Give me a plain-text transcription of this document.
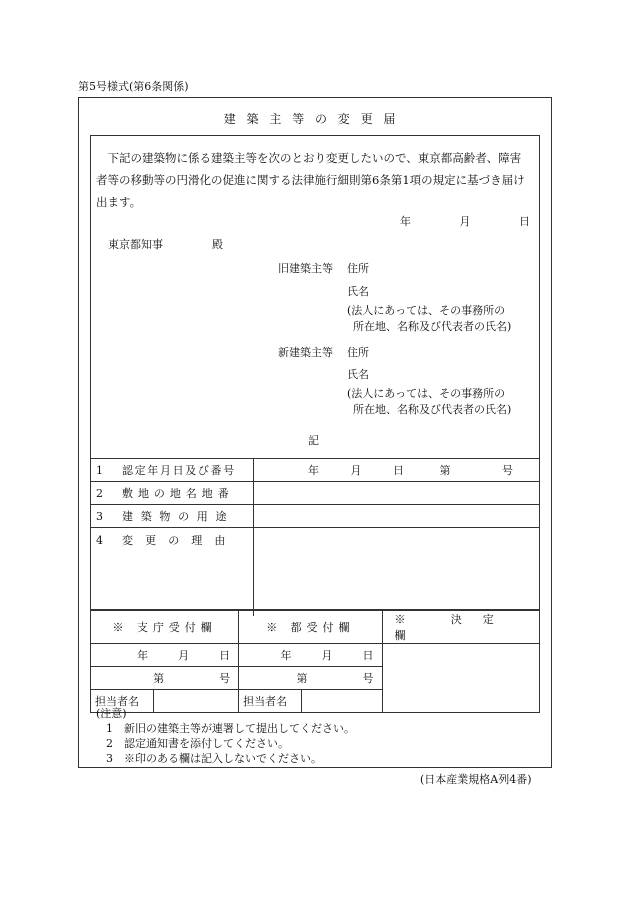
第5号様式(第6条関係)
建築主等の変更届
下記の建築物に係る建築主等を次のとおり変更したいので、東京都高齢者、障害者等の移動等の円滑化の促進に関する法律施行細則第6条第1項の規定に基づき届け出ます。
年	月	日
東京都知事	殿
旧建築主等 住所
氏名
(法人にあっては、その事務所の
所在地、名称及び代表者の氏名)
新建築主等 住所
氏名
(法人にあっては、その事務所の
所在地、名称及び代表者の氏名)
記
1 認定年月日及び番号	年 月 日 第 号
2 敷地の地名地番	
3 建築物の用途	
4 変更の理由	
※ 支庁受付欄		※ 都受付欄		※ 決定欄
年 月 日		年 月 日		
第 号		第 号		
担当者名		担当者名		
(注意)
1　新旧の建築主等が連署して提出してください。
2　認定通知書を添付してください。
3　※印のある欄は記入しないでください。
(日本産業規格A列4番)
